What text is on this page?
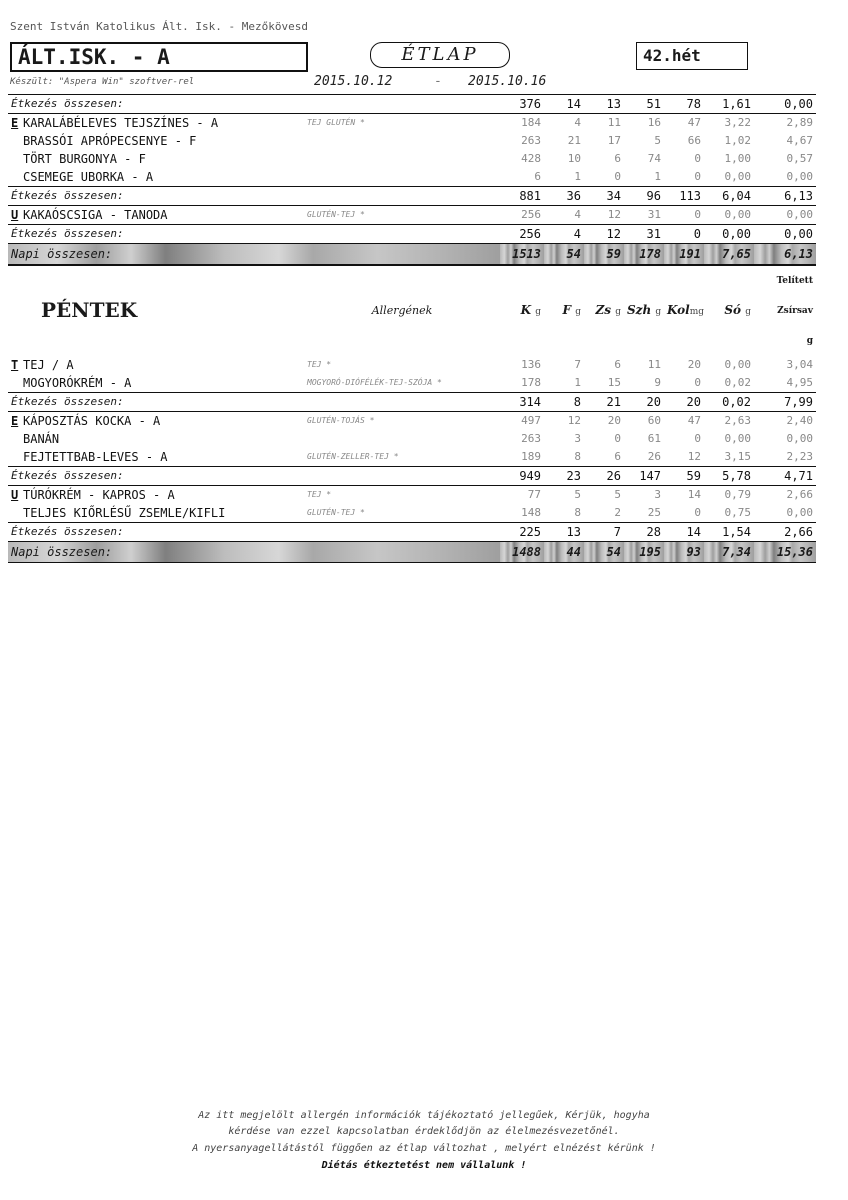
Szent István Katolikus Ált. Isk. - Mezőkövesd
ÁLT.ISK. - A	ÉTLAP	42.hét
Készült: "Aspera Win" szoftver-rel	2015.10.12	- 2015.10.16
Étkezés összesen:		376	14	13	51	78	1,61	0,00
E KARALÁBÉLEVES TEJSZÍNES - A	TEJ GLUTÉN *	184	4	11	16	47	3,22	2,89
BRASSÓI APRÓPECSENYE - F		263	21	17	5	66	1,02	4,67
TÖRT BURGONYA - F		428	10	6	74	0	1,00	0,57
CSEMEGE UBORKA - A		6	1	0	1	0	0,00	0,00
Étkezés összesen:		881	36	34	96	113	6,04	6,13
U KAKAÓSCSIGA - TANODA	GLUTÉN-TEJ *	256	4	12	31	0	0,00	0,00
Étkezés összesen:		256	4	12	31	0	0,00	0,00
Napi összesen:		1513	54	59	178	191	7,65	6,13
PÉNTEK	Allergének	K g	F g	Zs g	Szh g	Kolmg	Só g	Telített
Zsírsav
g

T TEJ / A	TEJ *	136	7	6	11	20	0,00	3,04
MOGYORÓKRÉM - A	MOGYORÓ-DIÓFÉLÉK-TEJ-SZÓJA *	178	1	15	9	0	0,02	4,95
Étkezés összesen:		314	8	21	20	20	0,02	7,99
E KÁPOSZTÁS KOCKA - A	GLUTÉN-TOJÁS *	497	12	20	60	47	2,63	2,40
BANÁN		263	3	0	61	0	0,00	0,00
FEJTETTBAB-LEVES - A	GLUTÉN-ZELLER-TEJ *	189	8	6	26	12	3,15	2,23
Étkezés összesen:		949	23	26	147	59	5,78	4,71
U TÚRÓKRÉM - KAPROS - A	TEJ *	77	5	5	3	14	0,79	2,66
TELJES KIŐRLÉSŰ ZSEMLE/KIFLI	GLUTÉN-TEJ *	148	8	2	25	0	0,75	0,00
Étkezés összesen:		225	13	7	28	14	1,54	2,66
Napi összesen:		1488	44	54	195	93	7,34	15,36
Az itt megjelölt allergén információk tájékoztató jellegűek, Kérjük, hogyha
kérdése van ezzel kapcsolatban érdeklődjön az élelmezésvezetőnél.
A nyersanyagellátástól függően az étlap változhat , melyért elnézést kérünk !
Diétás étkeztetést nem vállalunk !
